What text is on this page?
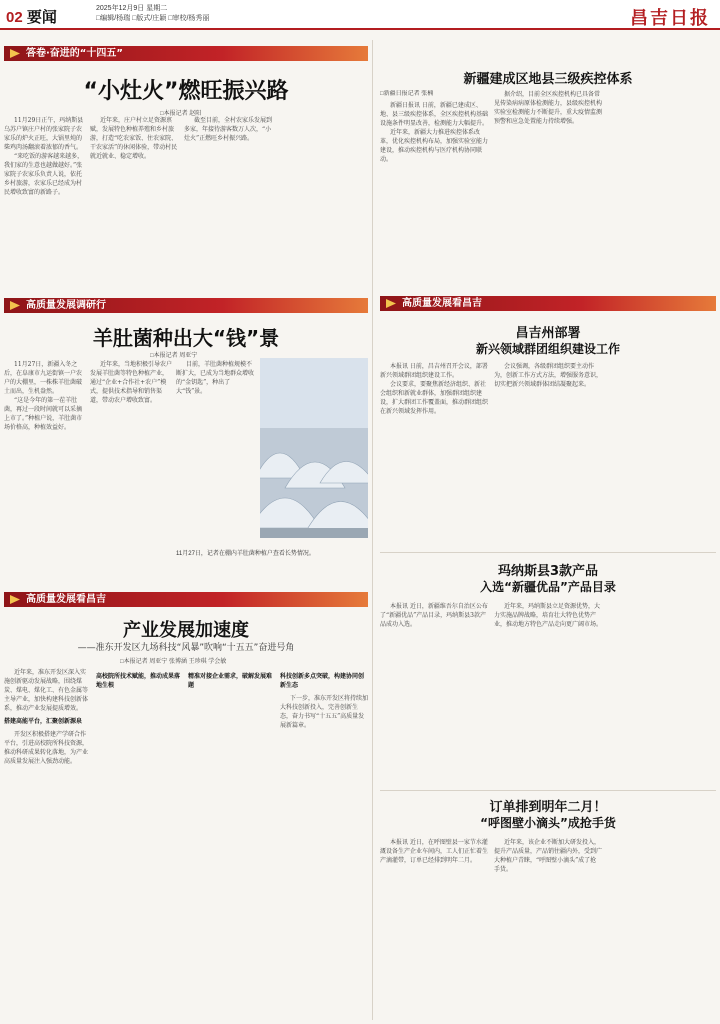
02 要闻
2025年12月9日 星期二
□编辑/杨瑞 □版式/庄颖 □审校/杨秀丽	昌吉日报
答卷·奋进的“十四五”
“小灶火”燃旺振兴路
□本报记者 赵阳

11月29日正午，玛纳斯县乌苏户镇庄户村的张家院子农家乐的炉火正旺，大锅里炖的柴鸡肉汤翻滚着浓郁的香气。

“来吃饭的游客越来越多，我们家的生意也越做越好。”张家院子农家乐负责人说，依托乡村旅游，农家乐已经成为村民增收致富的新路子。

近年来，庄户村立足资源禀赋，发展特色种植养殖和乡村旅游，打造“吃农家饭、住农家院、干农家活”的休闲体验，带动村民就近就业、稳定增收。

截至目前，全村农家乐发展到多家，年接待游客数万人次，“小灶火”正燃旺乡村振兴路。

新疆建成区地县三级疾控体系

□新疆日报记者 张楠

新疆日报讯 日前，新疆已建成区、地、县三级疾控体系，全区疾控机构基础设施条件明显改善，检测能力大幅提升。

近年来，新疆大力推进疾控体系改革，优化疾控机构布局，加强实验室能力建设，推动疾控机构与医疗机构协同联动。

据介绍，目前全区疾控机构已具备常见传染病病原体检测能力，县级疾控机构实验室检测能力不断提升，重大疫情监测预警和应急处置能力持续增强。

高质量发展调研行
羊肚菌种出大“钱”景
□本报记者 周亚宁

11月27日，新疆入冬之后，在阜康市九运街镇一户农户的大棚里，一株株羊肚菌破土而出，生机盎然。

“这是今年的第一茬羊肚菌，再过一段时间就可以采摘上市了。”种植户说，羊肚菌市场价格高，种植效益好。

近年来，当地积极引导农户发展羊肚菌等特色种植产业，通过“企业+合作社+农户”模式，提供技术指导和销售渠道，带动农户增收致富。

目前，羊肚菌种植规模不断扩大，已成为当地群众增收的“金钥匙”，种出了大“钱”景。

11月27日，记者在棚内羊肚菌种植户查看长势情况。
高质量发展看昌吉
昌吉州部署
新兴领域群团组织建设工作

本报讯 日前，昌吉州召开会议，部署新兴领域群团组织建设工作。

会议要求，要聚焦新经济组织、新社会组织和新就业群体，加强群团组织建设，扩大群团工作覆盖面，推动群团组织在新兴领域发挥作用。

会议强调，各级群团组织要主动作为，创新工作方式方法，增强服务意识，切实把新兴领域群体团结凝聚起来。

玛纳斯县3款产品
入选“新疆优品”产品目录

本报讯 近日，新疆维吾尔自治区公布了“新疆优品”产品目录，玛纳斯县3款产品成功入选。

近年来，玛纳斯县立足资源优势，大力实施品牌战略，培育壮大特色优势产业，推动地方特色产品走向更广阔市场。

高质量发展看昌吉
产业发展加速度
——准东开发区九场科技“风暴”吹响“十五五”奋进号角
□本报记者 周亚宁 张博涵 王珍琪 学会敏

近年来，准东开发区深入实施创新驱动发展战略，围绕煤炭、煤电、煤化工、有色金属等主导产业，加快构建科技创新体系，推动产业发展提质增效。

搭建高能平台，汇聚创新源泉

开发区积极搭建产学研合作平台，引进高校院所科技资源，推动科研成果转化落地，为产业高质量发展注入强劲动能。

高校院所技术赋能，推动成果落地生根

精准对接企业需求，破解发展难题

科技创新多点突破，构建协同创新生态

下一步，准东开发区将持续加大科技创新投入，完善创新生态，奋力书写“十五五”高质量发展新篇章。

订单排到明年二月！
“呼图壁小滴头”成抢手货

本报讯 近日，在呼图壁县一家节水灌溉设备生产企业车间内，工人们正忙着生产滴灌带，订单已经排到明年二月。

近年来，该企业不断加大研发投入，提升产品质量，产品销往疆内外，受到广大种植户青睐，“呼图壁小滴头”成了抢手货。
